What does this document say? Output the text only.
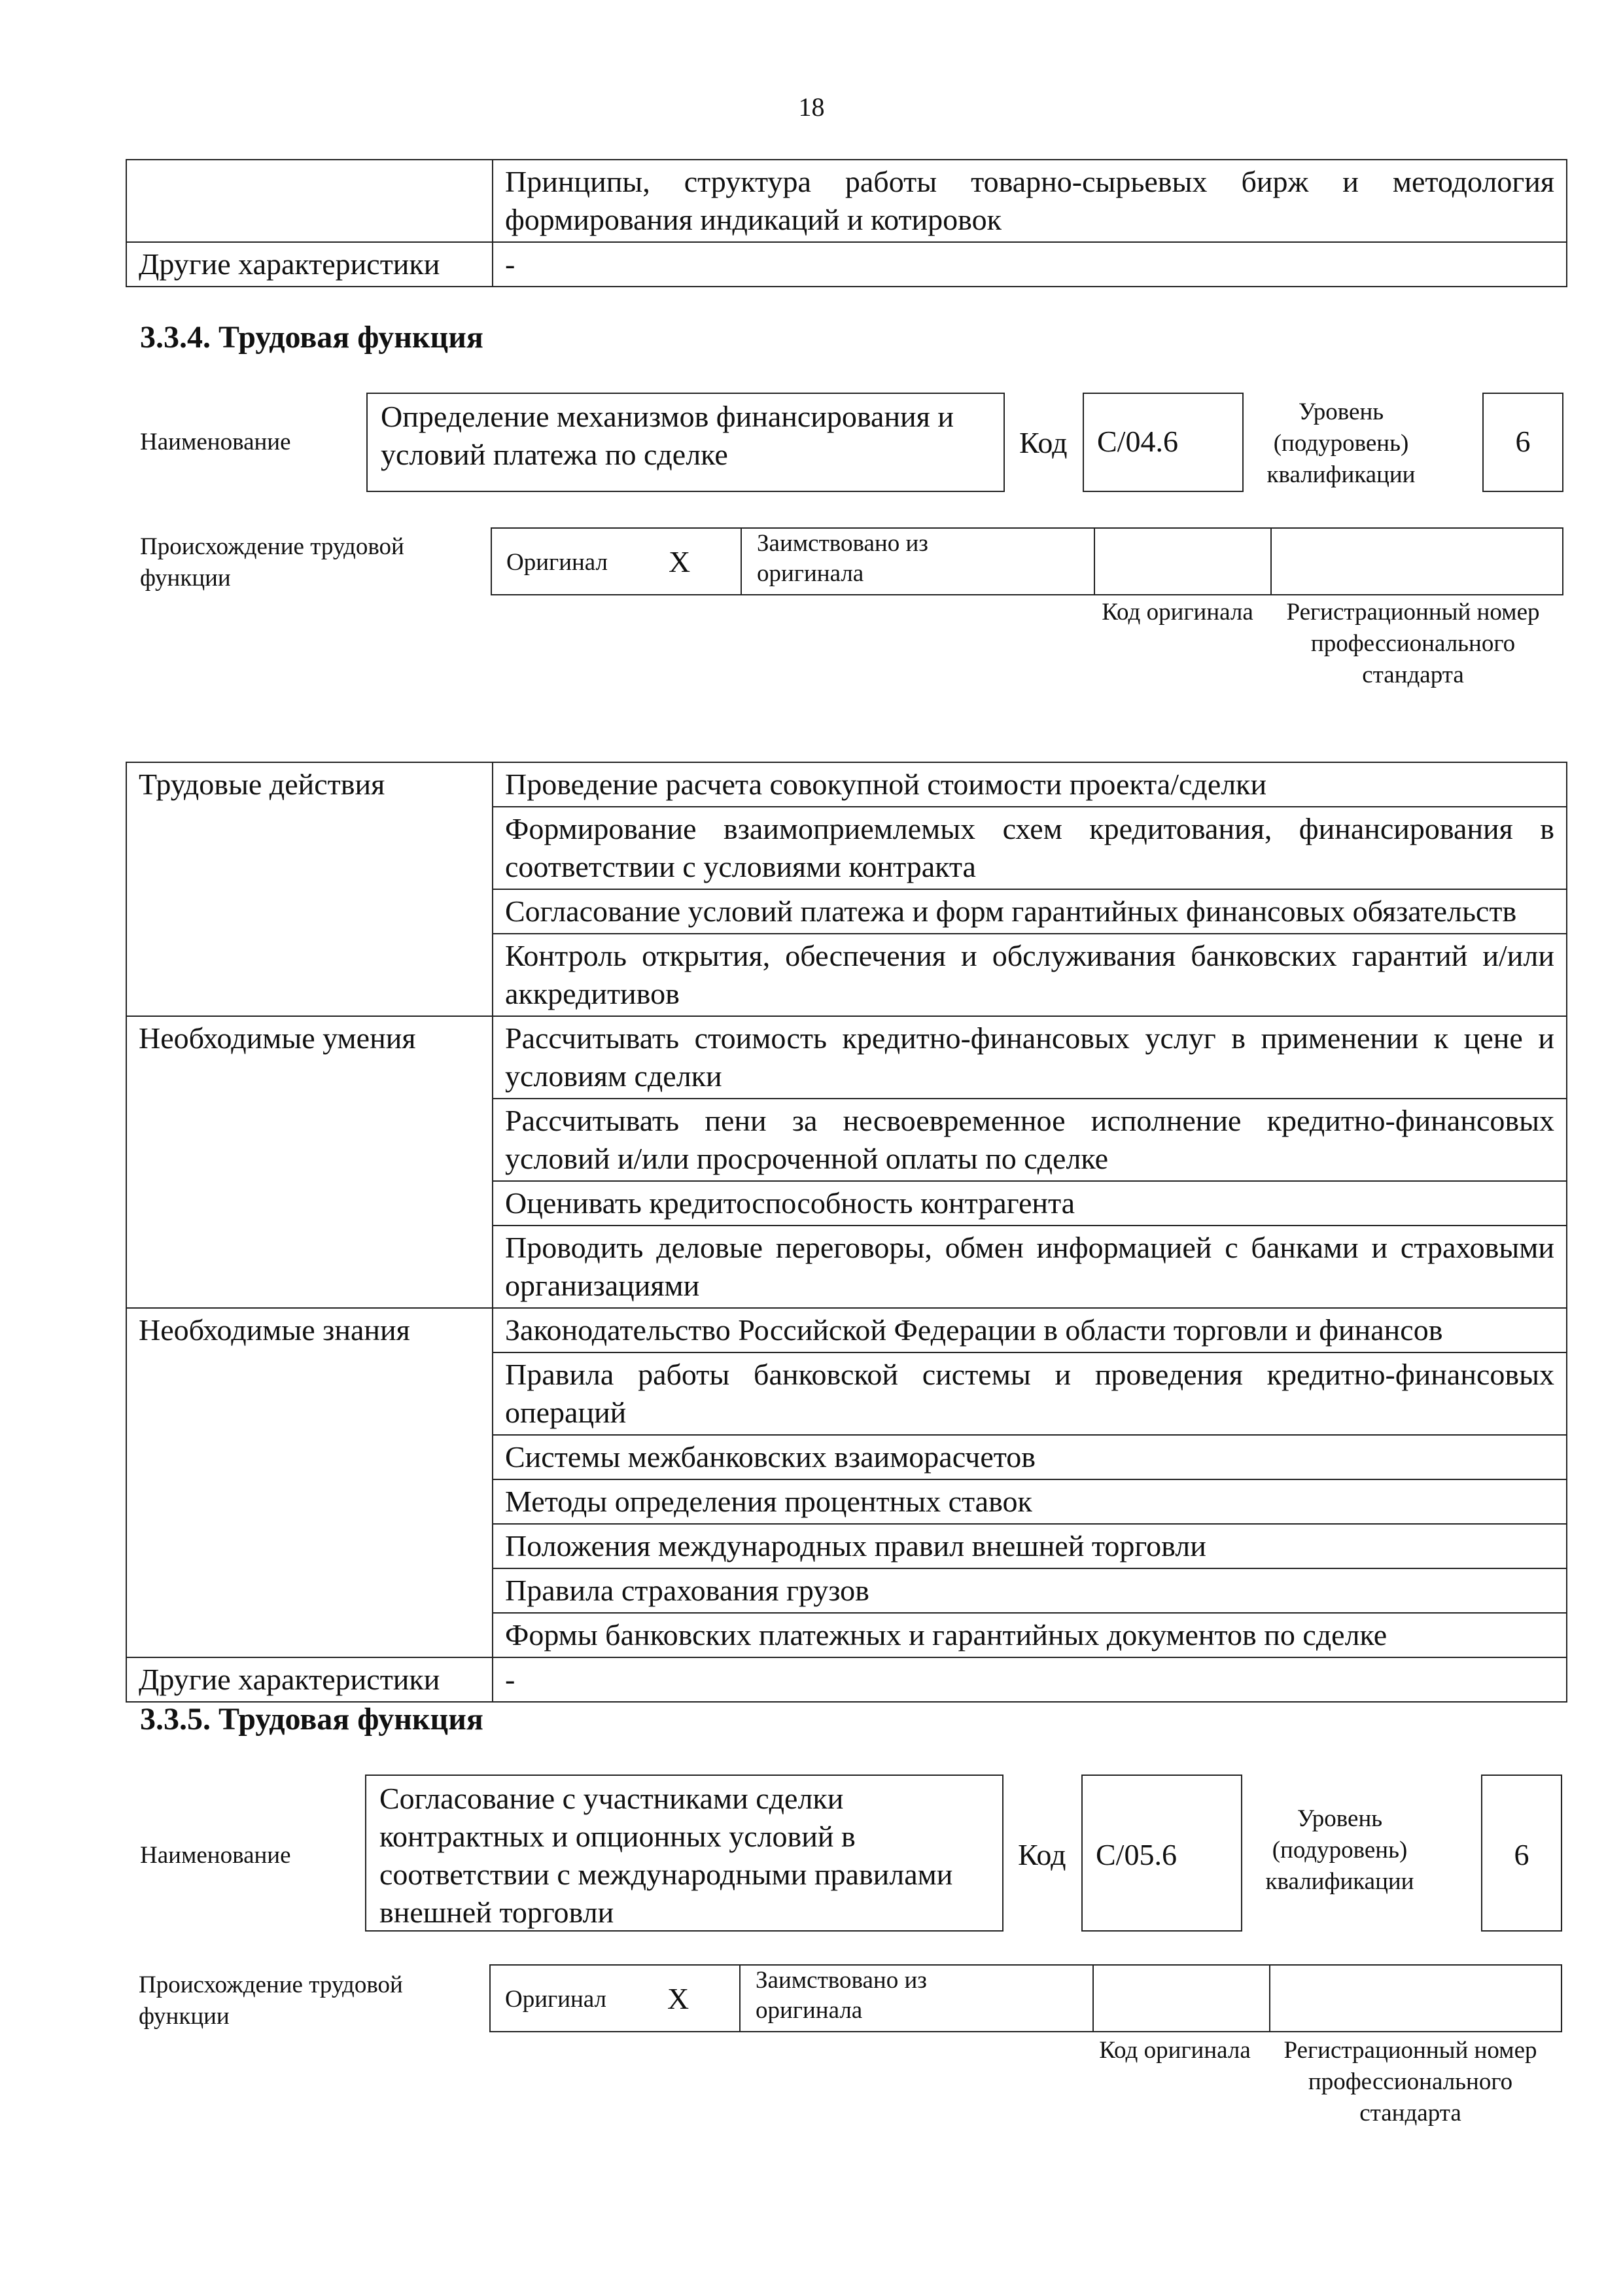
18
	Принципы, структура работы товарно-сырьевых бирж и методология формирования индикаций и котировок
Другие характеристики	-
3.3.4. Трудовая функция
Наименование
Определение механизмов финансирования и условий платежа по сделке	Код C/04.6
Уровень (подуровень) квалификации
6
Происхождение трудовой функции
Оригинал X
Заимствовано из оригинала
Код оригинала	Регистрационный номер профессионального стандарта
Трудовые действия	Проведение расчета совокупной стоимости проекта/сделки
	Формирование взаимоприемлемых схем кредитования, финансирования в соответствии с условиями контракта
	Согласование условий платежа и форм гарантийных финансовых обязательств
	Контроль открытия, обеспечения и обслуживания банковских гарантий и/или аккредитивов
Необходимые умения	Рассчитывать стоимость кредитно-финансовых услуг в применении к цене и условиям сделки
	Рассчитывать пени за несвоевременное исполнение кредитно-финансовых условий и/или просроченной оплаты по сделке
	Оценивать кредитоспособность контрагента
	Проводить деловые переговоры, обмен информацией с банками и страховыми организациями
Необходимые знания	Законодательство Российской Федерации в области торговли и финансов
	Правила работы банковской системы и проведения кредитно-финансовых операций
	Системы межбанковских взаиморасчетов
	Методы определения процентных ставок
	Положения международных правил внешней торговли
	Правила страхования грузов
	Формы банковских платежных и гарантийных документов по сделке
Другие характеристики	-
3.3.5. Трудовая функция
Наименование
Согласование с участниками сделки контрактных и опционных условий в соответствии с международными правилами внешней торговли
Код C/05.6
Уровень (подуровень) квалификации
6
Происхождение трудовой функции
Оригинал X
Заимствовано из оригинала
Код оригинала	Регистрационный номер профессионального стандарта
